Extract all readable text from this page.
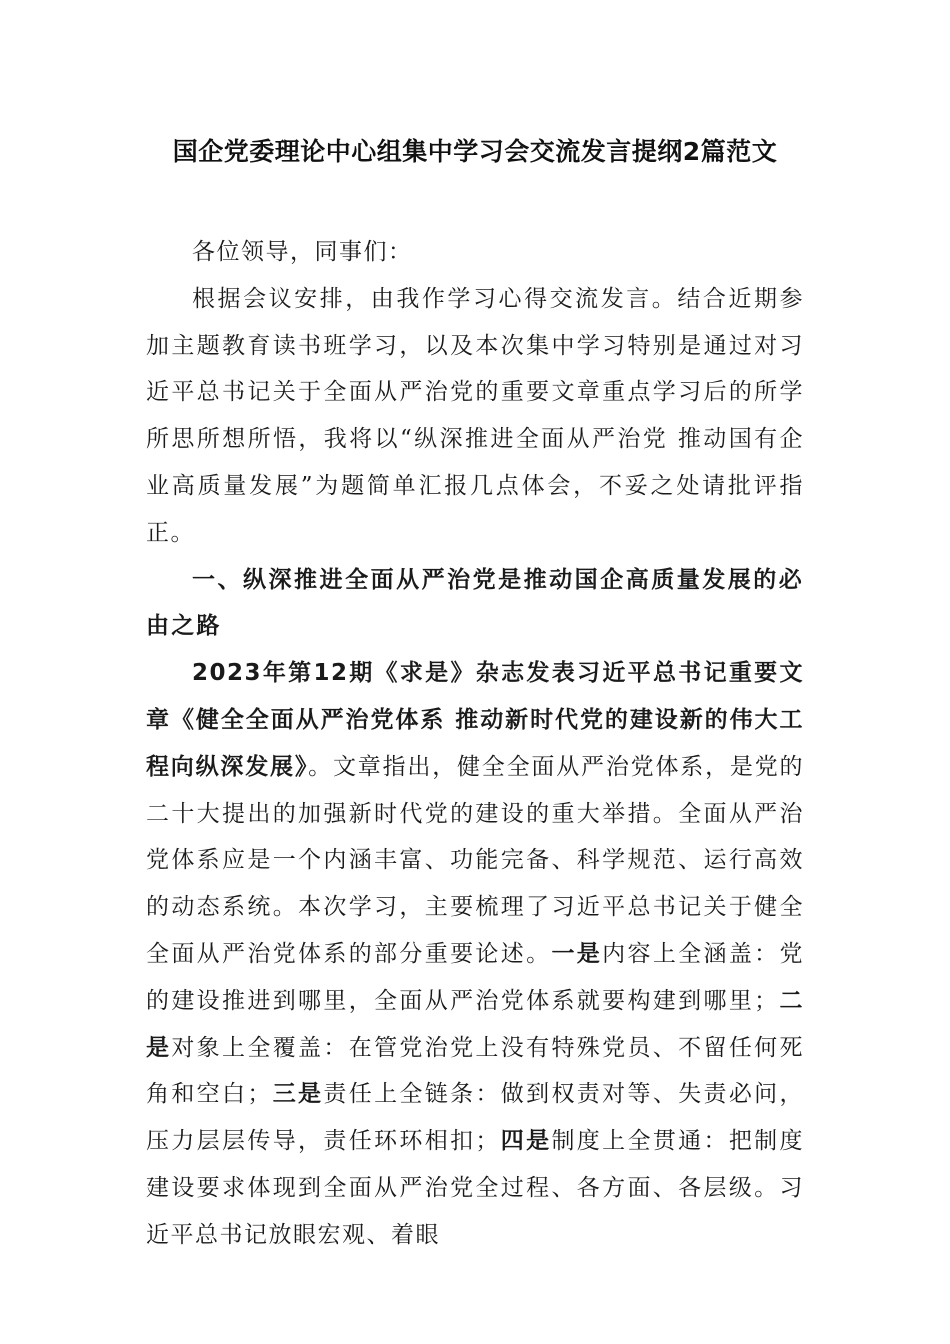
国企党委理论中心组集中学习会交流发言提纲2篇范文

各位领导，同事们：

根据会议安排，由我作学习心得交流发言。结合近期参加主题教育读书班学习，以及本次集中学习特别是通过对习近平总书记关于全面从严治党的重要文章重点学习后的所学所思所想所悟，我将以“纵深推进全面从严治党 推动国有企业高质量发展”为题简单汇报几点体会，不妥之处请批评指正。

一、纵深推进全面从严治党是推动国企高质量发展的必由之路

2023年第12期《求是》杂志发表习近平总书记重要文章《健全全面从严治党体系 推动新时代党的建设新的伟大工程向纵深发展》。文章指出，健全全面从严治党体系，是党的二十大提出的加强新时代党的建设的重大举措。全面从严治党体系应是一个内涵丰富、功能完备、科学规范、运行高效的动态系统。本次学习，主要梳理了习近平总书记关于健全全面从严治党体系的部分重要论述。一是内容上全涵盖：党的建设推进到哪里，全面从严治党体系就要构建到哪里；二是对象上全覆盖：在管党治党上没有特殊党员、不留任何死角和空白；三是责任上全链条：做到权责对等、失责必问，压力层层传导，责任环环相扣；四是制度上全贯通：把制度建设要求体现到全面从严治党全过程、各方面、各层级。习近平总书记放眼宏观、着眼
